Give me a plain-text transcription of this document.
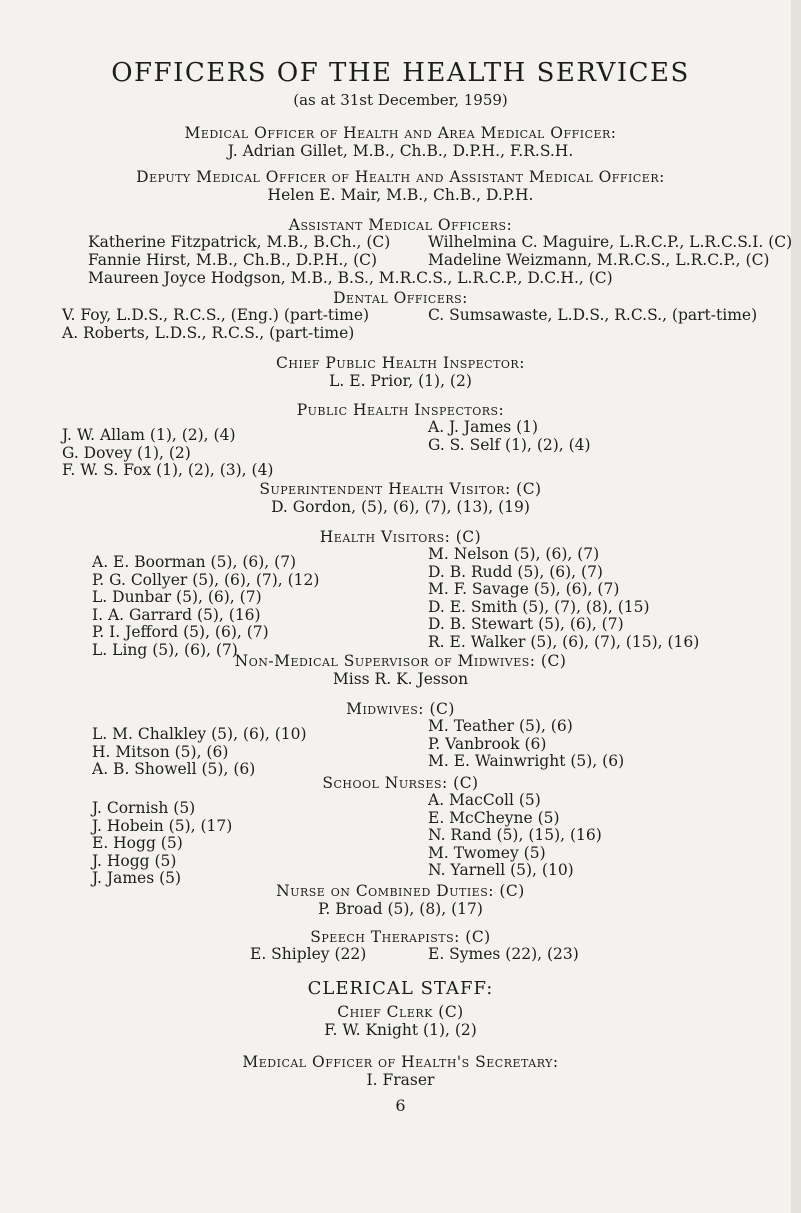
OFFICERS OF THE HEALTH SERVICES
(as at 31st December, 1959)
Medical Officer of Health and Area Medical Officer:
J. Adrian Gillet, M.B., Ch.B., D.P.H., F.R.S.H.
Deputy Medical Officer of Health and Assistant Medical Officer:
Helen E. Mair, M.B., Ch.B., D.P.H.
Assistant Medical Officers:
Katherine Fitzpatrick, M.B., B.Ch., (C)
Fannie Hirst, M.B., Ch.B., D.P.H., (C)
Wilhelmina C. Maguire, L.R.C.P., L.R.C.S.I. (C)
Madeline Weizmann, M.R.C.S., L.R.C.P., (C)
Maureen Joyce Hodgson, M.B., B.S., M.R.C.S., L.R.C.P., D.C.H., (C)
Dental Officers:
V. Foy, L.D.S., R.C.S., (Eng.) (part-time)
A. Roberts, L.D.S., R.C.S., (part-time)
C. Sumsawaste, L.D.S., R.C.S., (part-time)
Chief Public Health Inspector:
L. E. Prior, (1), (2)
Public Health Inspectors:
J. W. Allam (1), (2), (4)
G. Dovey (1), (2)
F. W. S. Fox (1), (2), (3), (4)
A. J. James (1)
G. S. Self (1), (2), (4)
Superintendent Health Visitor: (C)
D. Gordon, (5), (6), (7), (13), (19)
Health Visitors: (C)
A. E. Boorman (5), (6), (7)
P. G. Collyer (5), (6), (7), (12)
L. Dunbar (5), (6), (7)
I. A. Garrard (5), (16)
P. I. Jefford (5), (6), (7)
L. Ling (5), (6), (7)
M. Nelson (5), (6), (7)
D. B. Rudd (5), (6), (7)
M. F. Savage (5), (6), (7)
D. E. Smith (5), (7), (8), (15)
D. B. Stewart (5), (6), (7)
R. E. Walker (5), (6), (7), (15), (16)
Non-Medical Supervisor of Midwives: (C)
Miss R. K. Jesson
Midwives: (C)
L. M. Chalkley (5), (6), (10)
H. Mitson (5), (6)
A. B. Showell (5), (6)
M. Teather (5), (6)
P. Vanbrook (6)
M. E. Wainwright (5), (6)
School Nurses: (C)
J. Cornish (5)
J. Hobein (5), (17)
E. Hogg (5)
J. Hogg (5)
J. James (5)
A. MacColl (5)
E. McCheyne (5)
N. Rand (5), (15), (16)
M. Twomey (5)
N. Yarnell (5), (10)
Nurse on Combined Duties: (C)
P. Broad (5), (8), (17)
Speech Therapists: (C)
E. Shipley (22)	E. Symes (22), (23)
CLERICAL STAFF:
Chief Clerk (C)
F. W. Knight (1), (2)
Medical Officer of Health's Secretary:
I. Fraser
6
